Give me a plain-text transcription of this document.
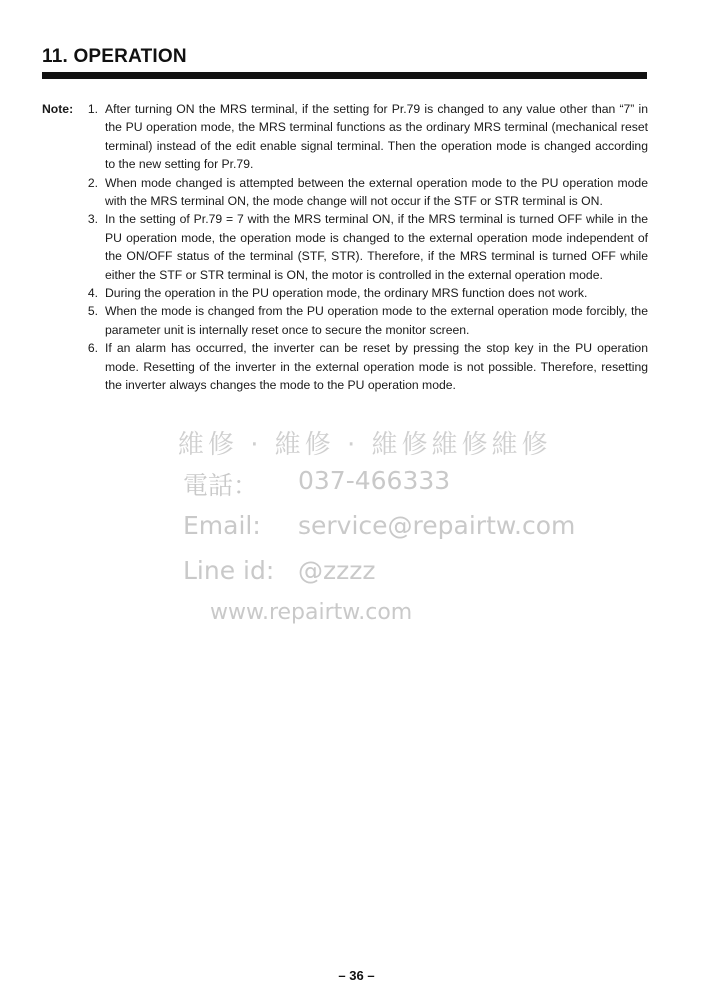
11. OPERATION
Note:	1. After turning ON the MRS terminal, if the setting for Pr.79 is changed to any value other than “7” in the PU operation mode, the MRS terminal functions as the ordinary MRS terminal (mechanical reset terminal) instead of the edit enable signal terminal. Then the operation mode is changed according to the new setting for Pr.79.
2. When mode changed is attempted between the external operation mode to the PU operation mode with the MRS terminal ON, the mode change will not occur if the STF or STR terminal is ON.
3. In the setting of Pr.79 = 7 with the MRS terminal ON, if the MRS terminal is turned OFF while in the PU operation mode, the operation mode is changed to the external operation mode independent of the ON/OFF status of the terminal (STF, STR). Therefore, if the MRS terminal is turned OFF while either the STF or STR terminal is ON, the motor is controlled in the external operation mode.
4. During the operation in the PU operation mode, the ordinary MRS function does not work.
5. When the mode is changed from the PU operation mode to the external operation mode forcibly, the parameter unit is internally reset once to secure the monitor screen.
6. If an alarm has occurred, the inverter can be reset by pressing the stop key in the PU operation mode. Resetting of the inverter in the external operation mode is not possible. Therefore, resetting the inverter always changes the mode to the PU operation mode.
維修 · 維修 · 維修維修維修
電話： 037-466333
Email: service@repairtw.com
Line id: @zzzz
www.repairtw.com
– 36 –
